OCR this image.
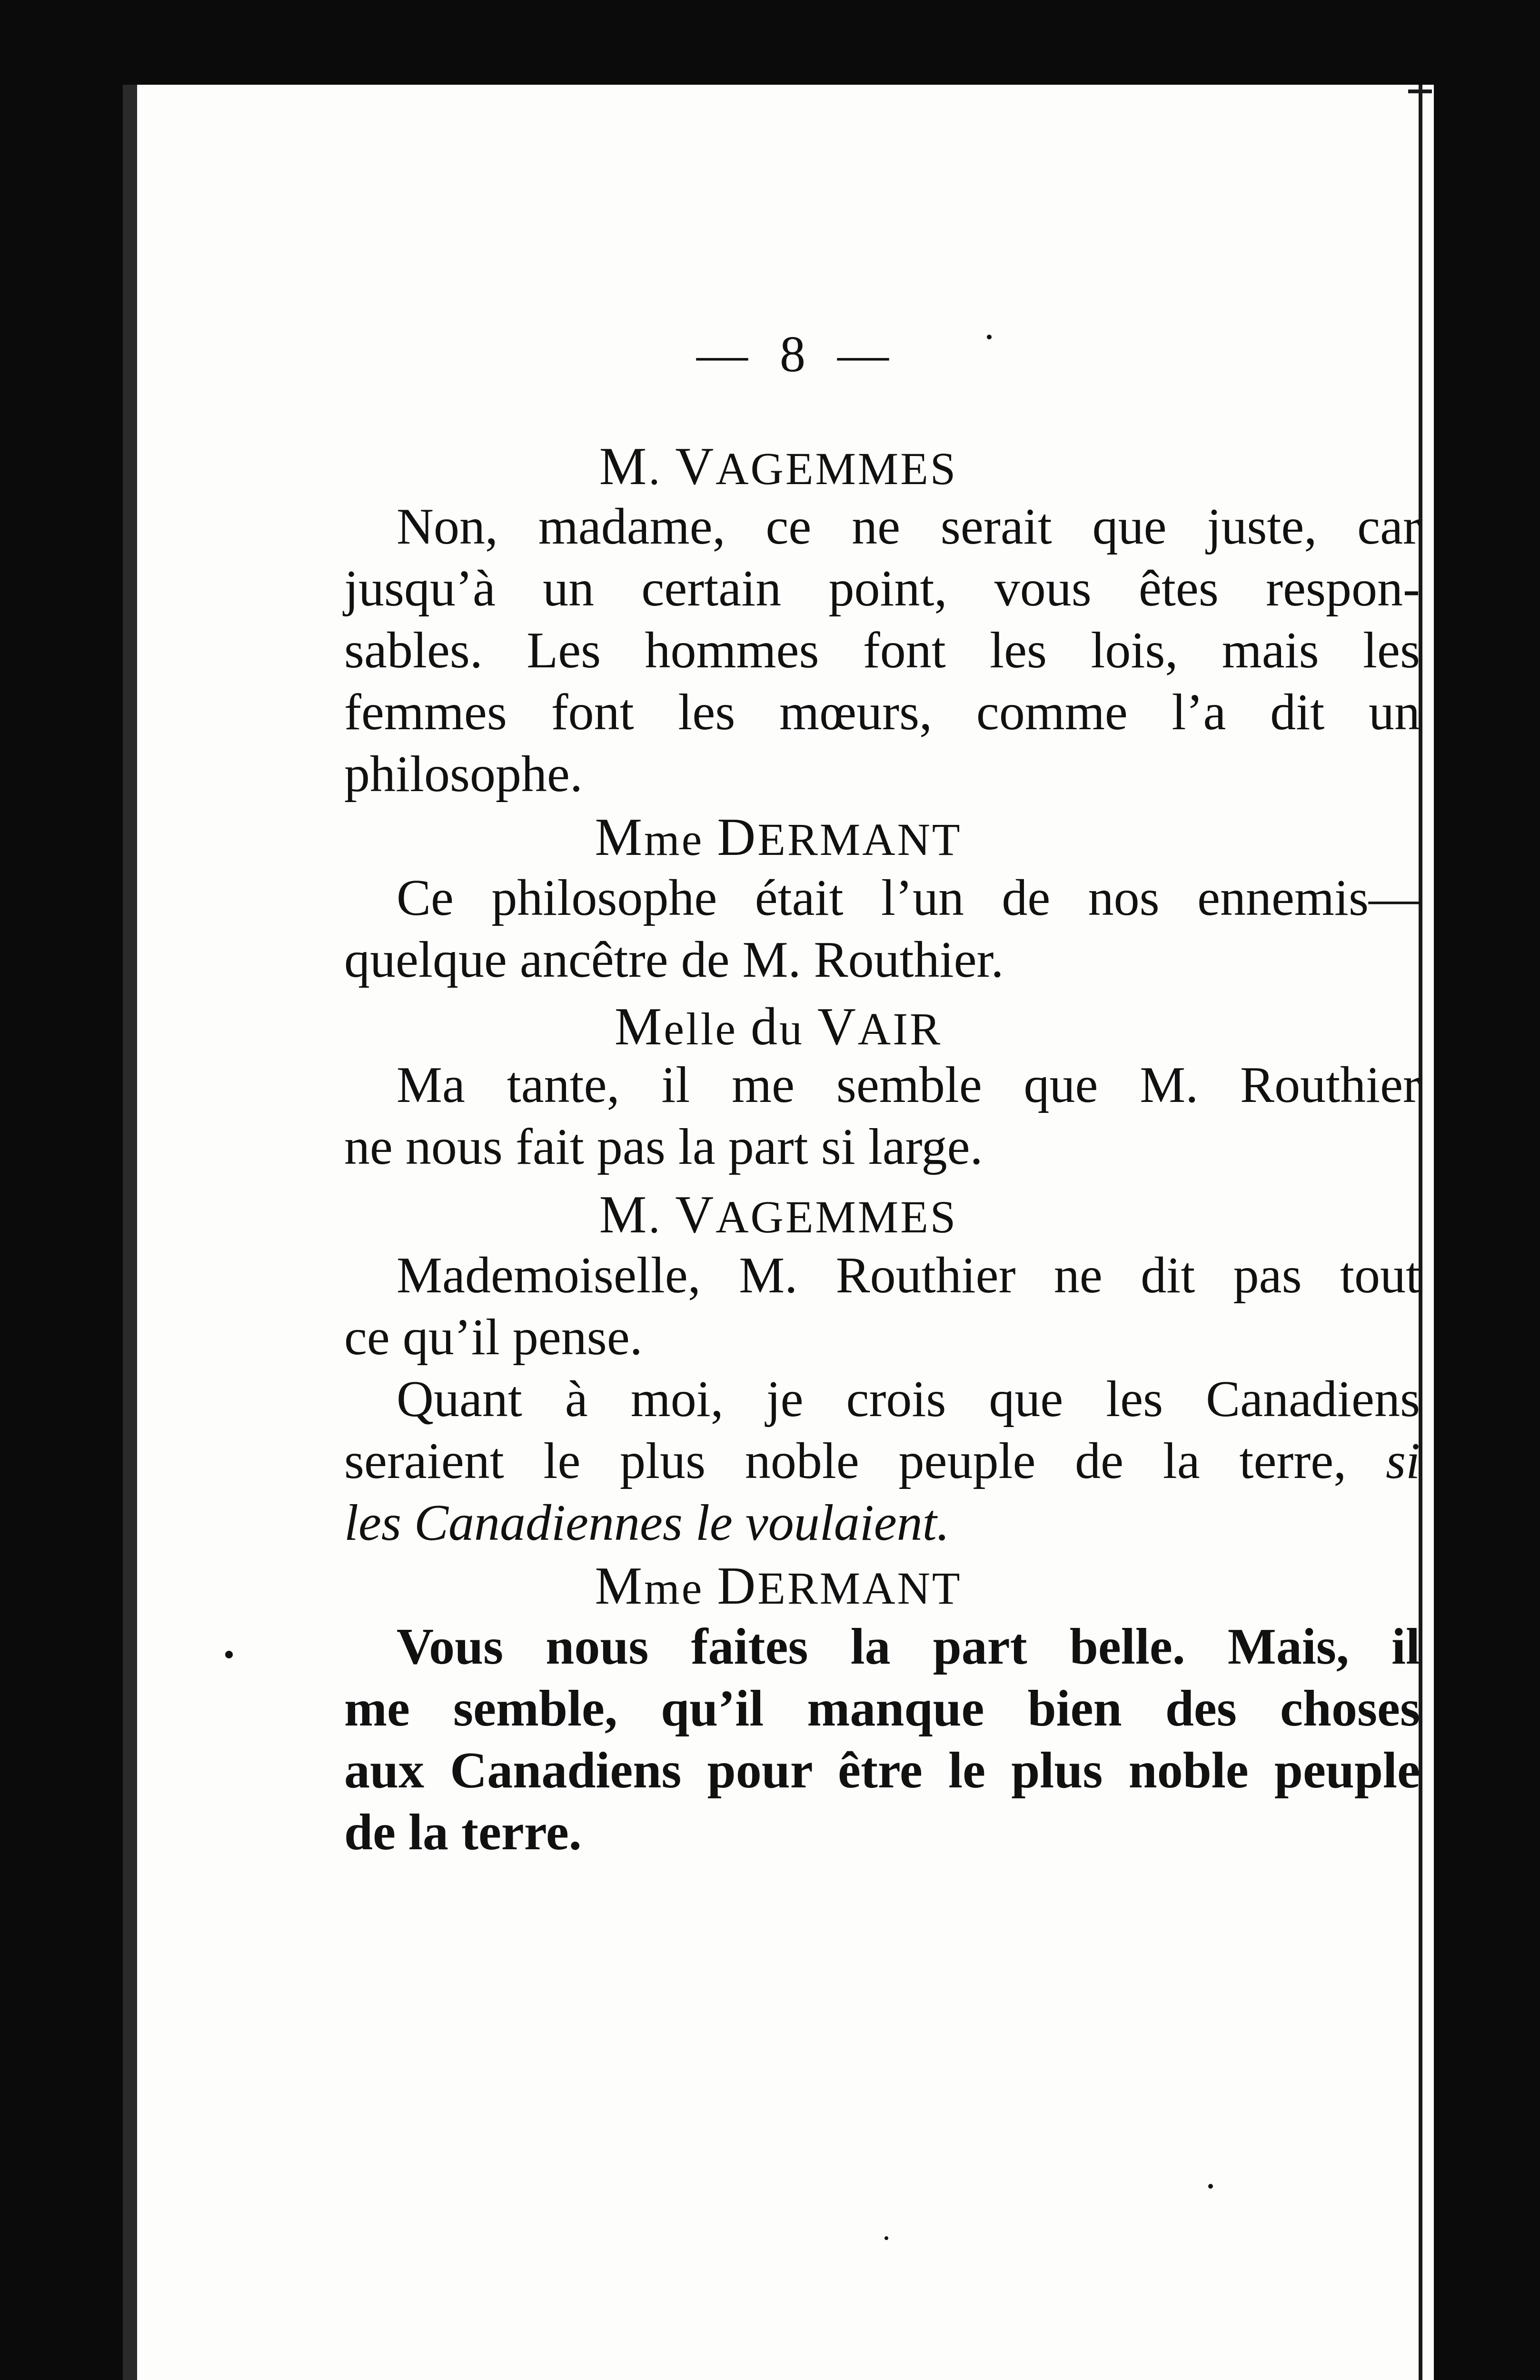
— 8 —
M. VAGEMMES
Non, madame, ce ne serait que juste, car
jusqu’à un certain point, vous êtes respon-
sables. Les hommes font les lois, mais les
femmes font les mœurs, comme l’a dit un
philosophe.
Mme DERMANT
Ce philosophe était l’un de nos ennemis—
quelque ancêtre de M. Routhier.
Melle du VAIR
Ma tante, il me semble que M. Routhier
ne nous fait pas la part si large.
M. VAGEMMES
Mademoiselle, M. Routhier ne dit pas tout
ce qu’il pense.
Quant à moi, je crois que les Canadiens
seraient le plus noble peuple de la terre, si
les Canadiennes le voulaient.
Mme DERMANT
Vous nous faites la part belle. Mais, il
me semble, qu’il manque bien des choses
aux Canadiens pour être le plus noble peuple
de la terre.
